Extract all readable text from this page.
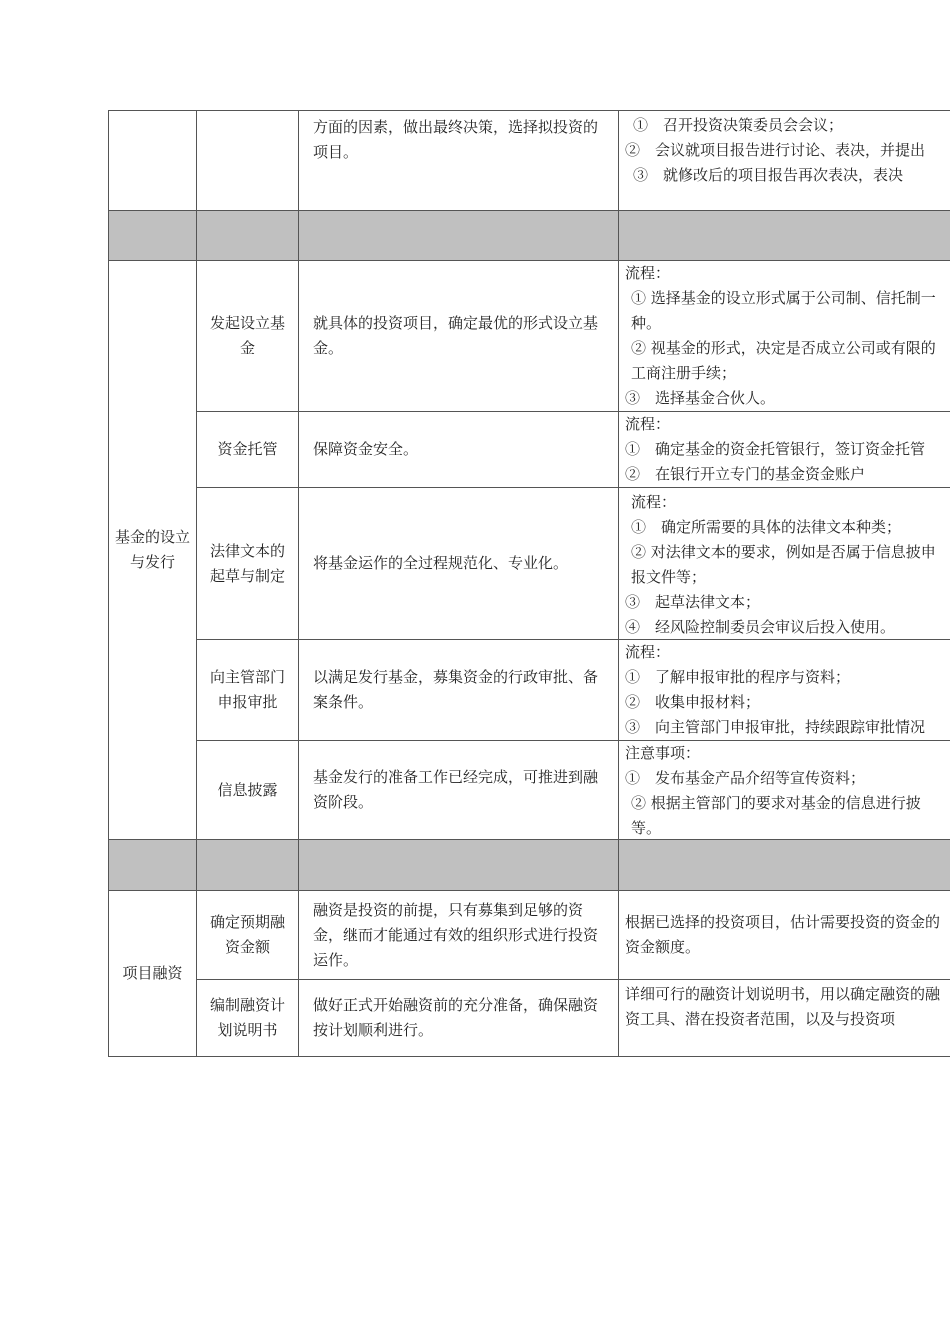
		方面的因素，做出最终决策，选择拟投资的项目。	①　召开投资决策委员会会议；
②　会议就项目报告进行讨论、表决，并提出
③　就修改后的项目报告再次表决，表决

基金的设立与发行	发起设立基金	就具体的投资项目，确定最优的形式设立基金。	流程：
① 选择基金的设立形式属于公司制、信托制一种。
② 视基金的形式，决定是否成立公司或有限的工商注册手续；
③　选择基金合伙人。

	资金托管	保障资金安全。	流程：
①　确定基金的资金托管银行，签订资金托管
②　在银行开立专门的基金资金账户

	法律文本的起草与制定	将基金运作的全过程规范化、专业化。	流程：
①　确定所需要的具体的法律文本种类；
② 对法律文本的要求，例如是否属于信息披申报文件等；
③　起草法律文本；
④　经风险控制委员会审议后投入使用。

	向主管部门申报审批	以满足发行基金，募集资金的行政审批、备案条件。	流程：
①　了解申报审批的程序与资料；
②　收集申报材料；
③　向主管部门申报审批，持续跟踪审批情况

	信息披露	基金发行的准备工作已经完成，可推进到融资阶段。	注意事项：
①　发布基金产品介绍等宣传资料；
② 根据主管部门的要求对基金的信息进行披等。

项目融资	确定预期融资金额	融资是投资的前提，只有募集到足够的资金，继而才能通过有效的组织形式进行投资运作。	根据已选择的投资项目，估计需要投资的资金的资金额度。

	编制融资计划说明书	做好正式开始融资前的充分准备，确保融资按计划顺利进行。	详细可行的融资计划说明书，用以确定融资的融资工具、潜在投资者范围，以及与投资项
